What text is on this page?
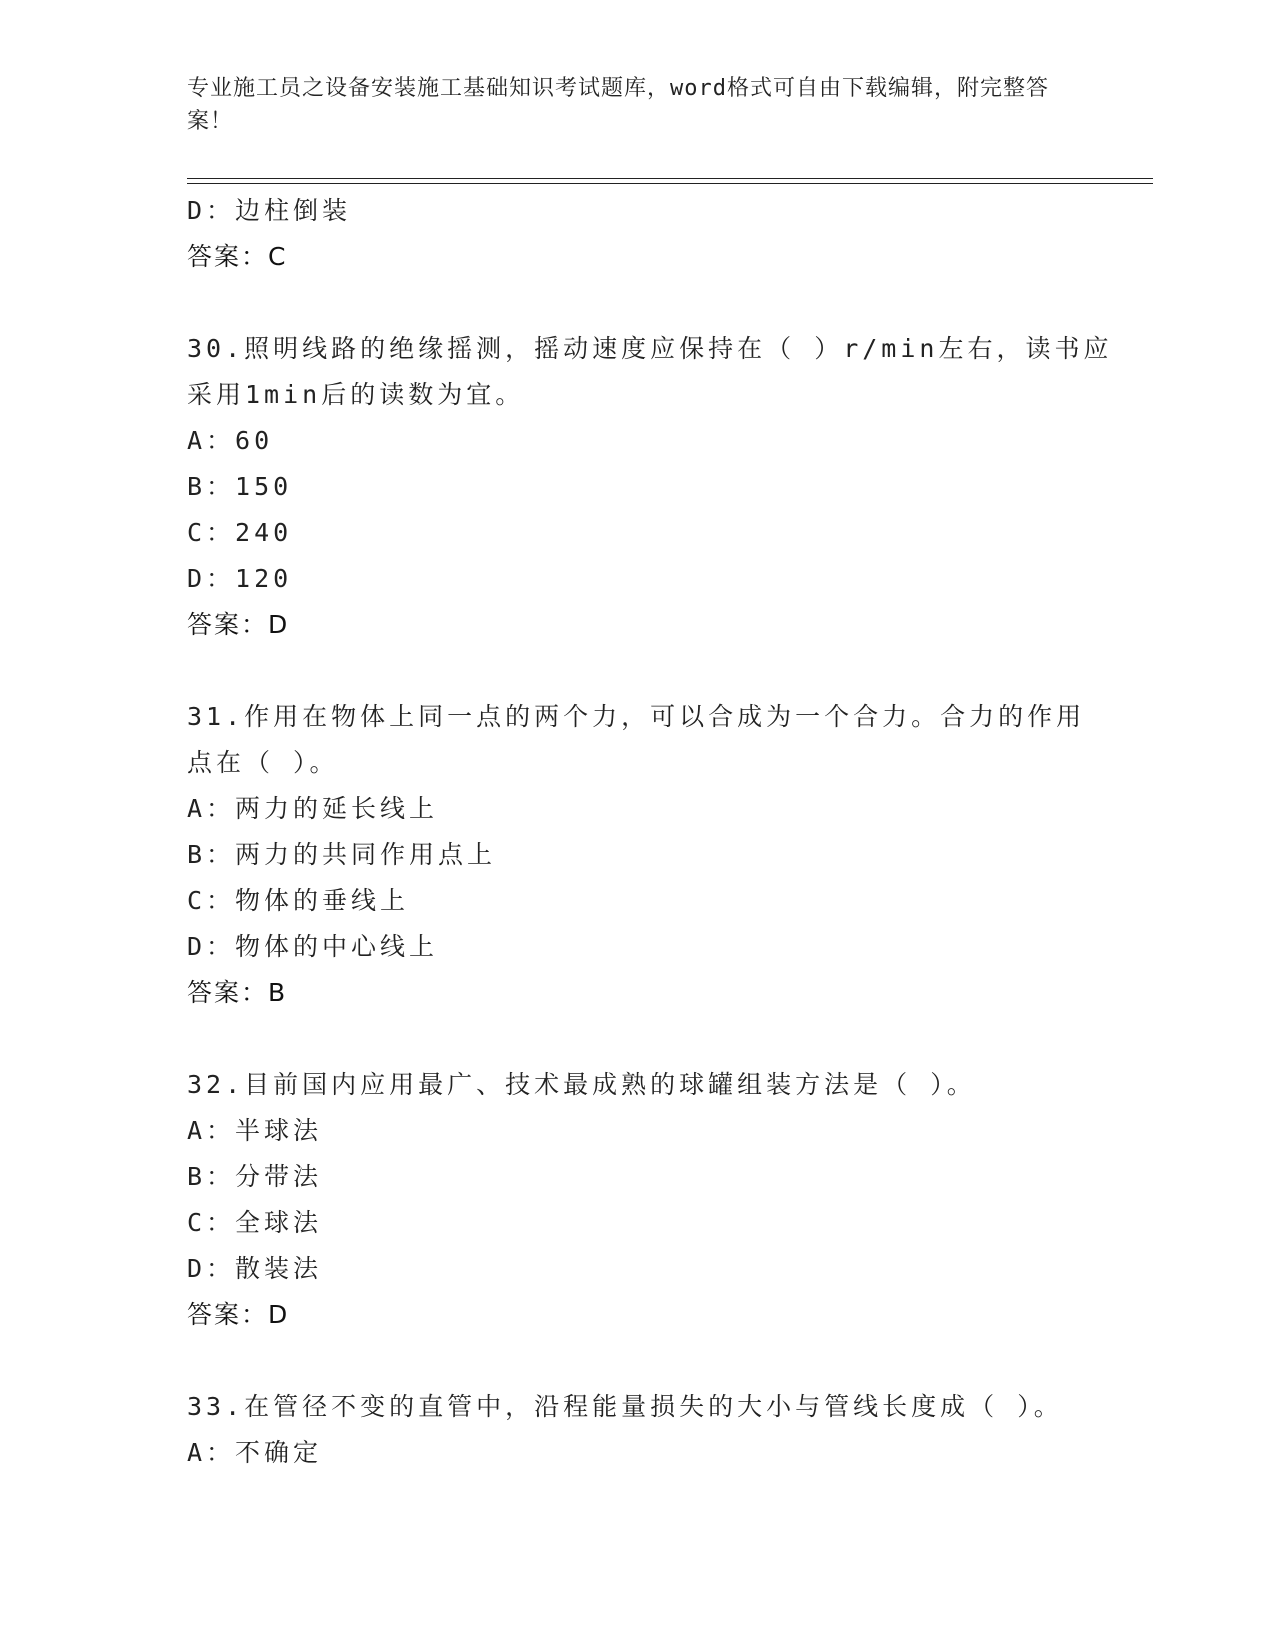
专业施工员之设备安装施工基础知识考试题库，word格式可自由下载编辑，附完整答案！
D：边柱倒装
答案：C
30.照明线路的绝缘摇测，摇动速度应保持在（ ）r/min左右，读书应
采用1min后的读数为宜。
A：60
B：150
C：240
D：120
答案：D
31.作用在物体上同一点的两个力，可以合成为一个合力。合力的作用
点在（ ）。
A：两力的延长线上
B：两力的共同作用点上
C：物体的垂线上
D：物体的中心线上
答案：B
32.目前国内应用最广、技术最成熟的球罐组装方法是（ ）。
A：半球法
B：分带法
C：全球法
D：散装法
答案：D
33.在管径不变的直管中，沿程能量损失的大小与管线长度成（ ）。
A：不确定
